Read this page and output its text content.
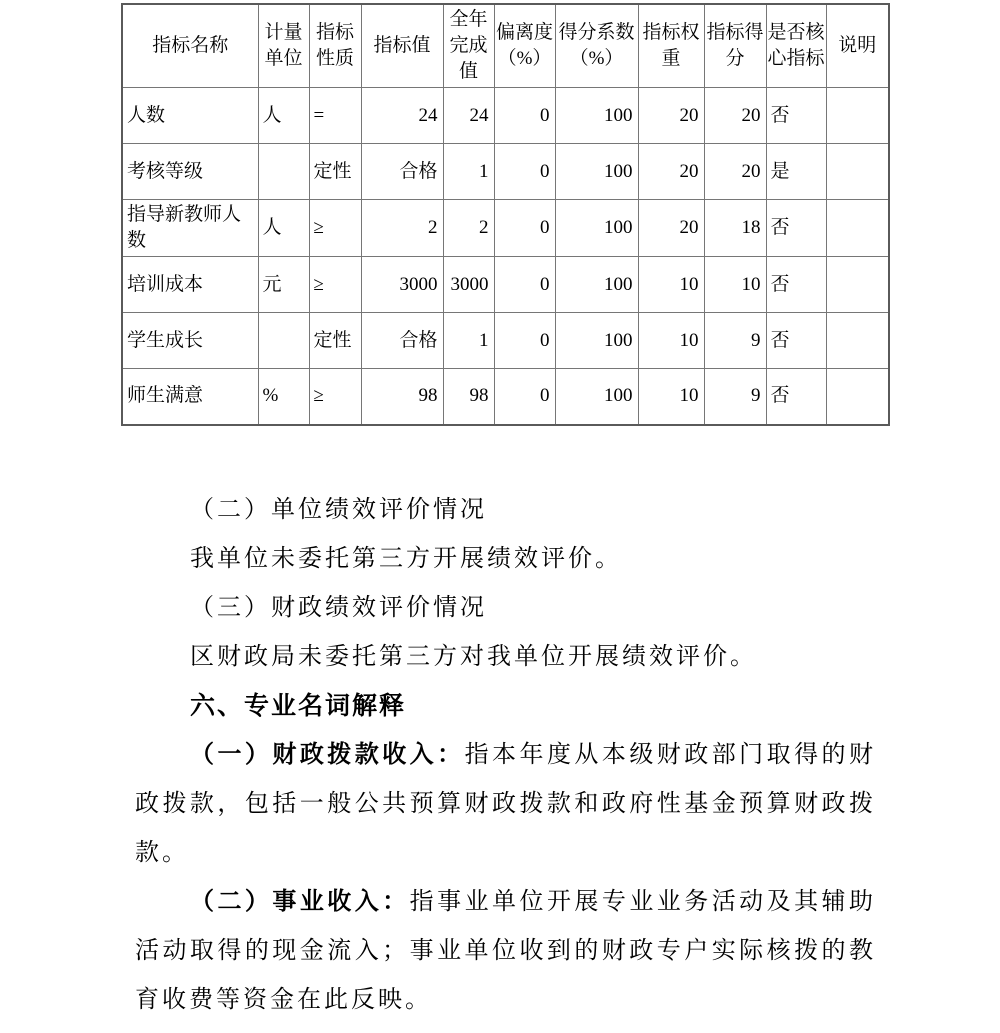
指标名称	计量单位	指标性质	指标值	全年完成值	偏离度（%）	得分系数（%）	指标权重	指标得分	是否核心指标	说明
人数	人	=	24	24	0	100	20	20	否	
考核等级		定性	合格	1	0	100	20	20	是	
指导新教师人数	人	≥	2	2	0	100	20	18	否	
培训成本	元	≥	3000	3000	0	100	10	10	否	
学生成长		定性	合格	1	0	100	10	9	否	
师生满意	%	≥	98	98	0	100	10	9	否	

（二）单位绩效评价情况

我单位未委托第三方开展绩效评价。

（三）财政绩效评价情况

区财政局未委托第三方对我单位开展绩效评价。

六、专业名词解释

（一）财政拨款收入：指本年度从本级财政部门取得的财政拨款，包括一般公共预算财政拨款和政府性基金预算财政拨款。

（二）事业收入：指事业单位开展专业业务活动及其辅助活动取得的现金流入；事业单位收到的财政专户实际核拨的教育收费等资金在此反映。
